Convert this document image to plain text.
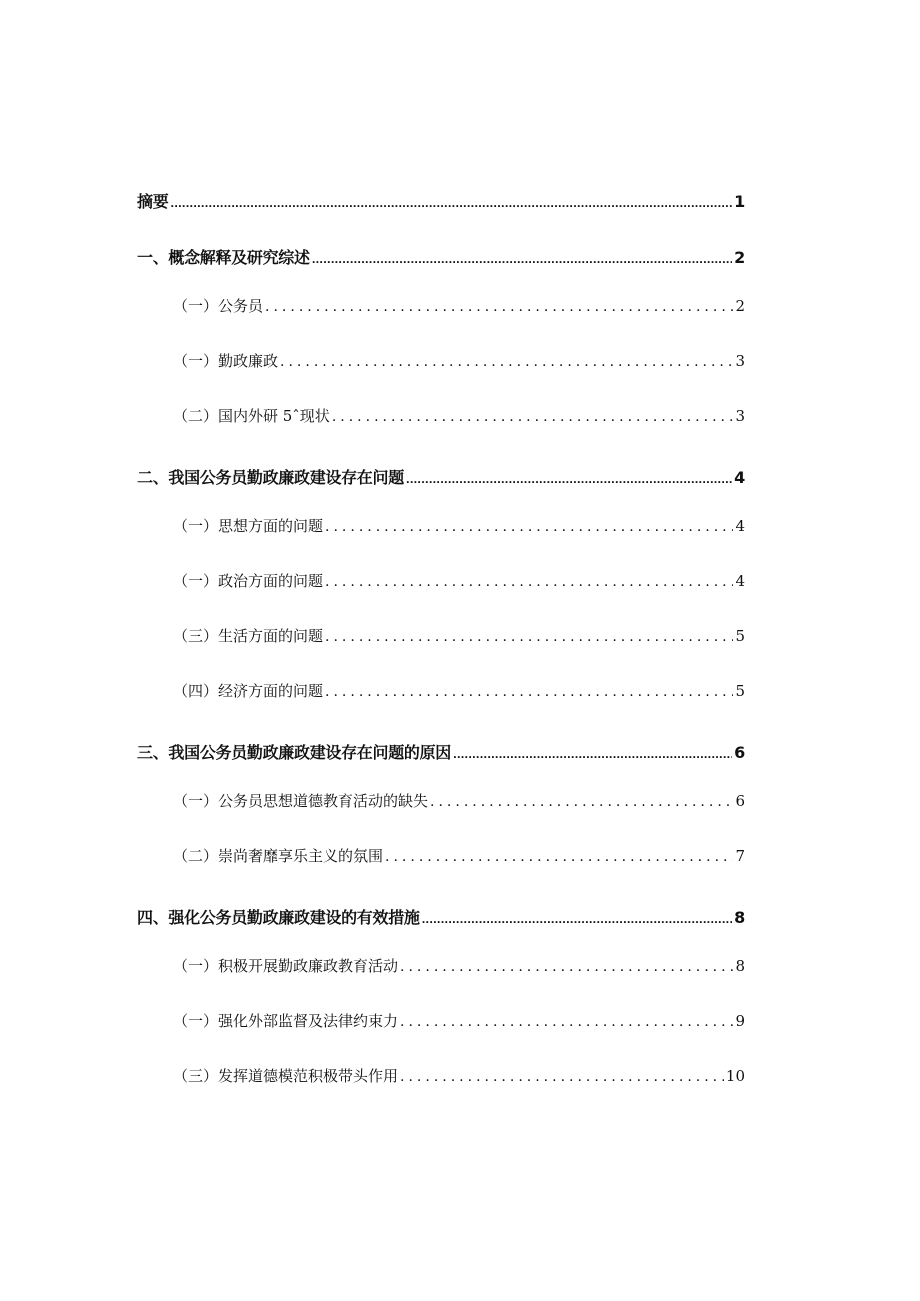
摘要 .....	1
一、概念解释及研究综述 .....	2
（一）公务员 .....	2
（一）勤政廉政 .....	3
（二）国内外研 5ˆ现状 .....	3
二、我国公务员勤政廉政建设存在问题 .....	4
（一）思想方面的问题 .....	4
（一）政治方面的问题 .....	4
（三）生活方面的问题 .....	5
（四）经济方面的问题 .....	5
三、我国公务员勤政廉政建设存在问题的原因 .....	6
（一）公务员思想道德教育活动的缺失 .....	6
（二）崇尚奢靡享乐主义的氛围 .....	7
四、强化公务员勤政廉政建设的有效措施 .....	8
（一）积极开展勤政廉政教育活动 .....	8
（一）强化外部监督及法律约束力 .....	9
（三）发挥道德模范积极带头作用 .....	10
